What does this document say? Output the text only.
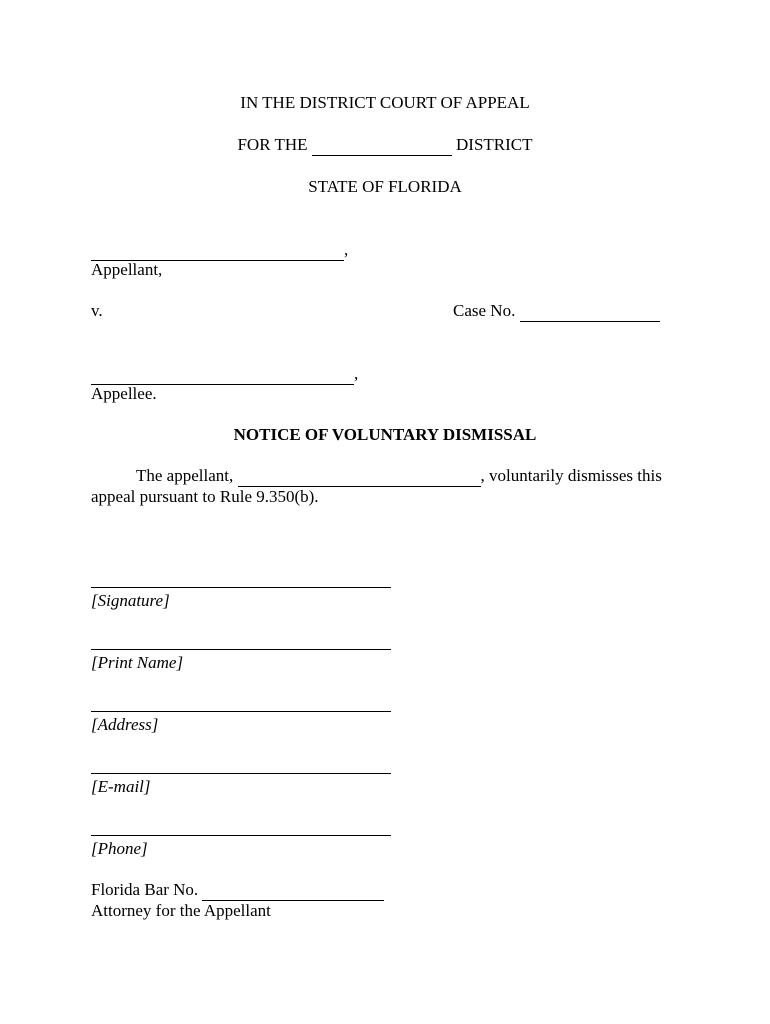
IN THE DISTRICT COURT OF APPEAL
FOR THE	DISTRICT
STATE OF FLORIDA
,
Appellant,
v.	Case No.
,
Appellee.
NOTICE OF VOLUNTARY DISMISSAL
The appellant,	, voluntarily dismisses this
appeal pursuant to Rule 9.350(b).
[Signature]
[Print Name]
[Address]
[E-mail]
[Phone]
Florida Bar No.
Attorney for the Appellant
